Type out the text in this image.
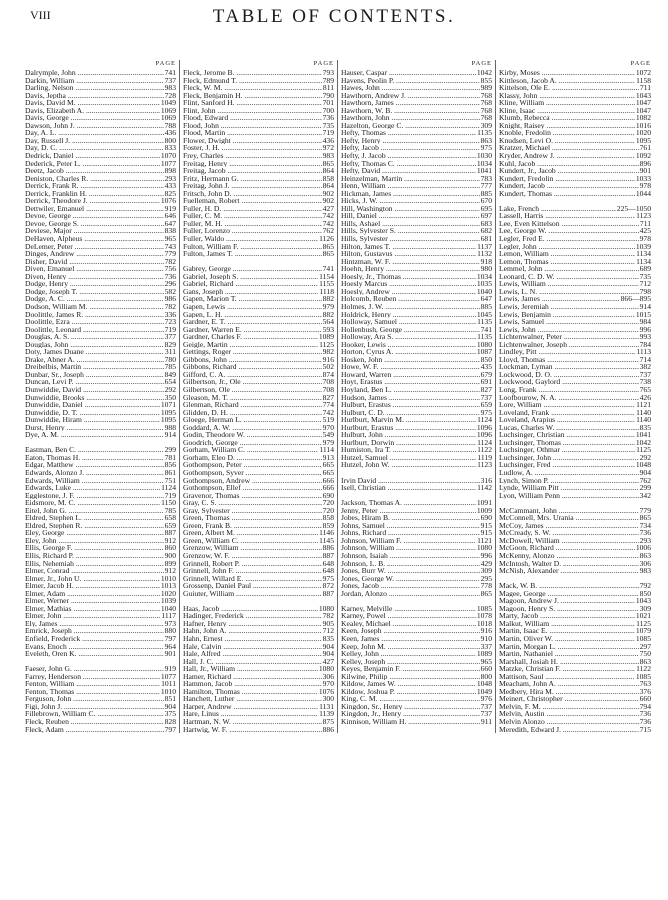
VIII	TABLE OF CONTENTS.
PAGE
Dalrymple, John .....	741
Darkin, William .....	737
Darling, Nelson .....	983
Davis, Jeptha .....	728
Davis, David M. .....	1049
Davis, Elizabeth A. .....	1069
Davis, George .....	1069
Dawson, John J. .....	788
Day, A. L. .....	436
Day, Russell J. .....	800
Day, D. C. .....	833
Dedrick, Daniel .....	1070
Dederick, Peter L. .....	1077
Deetz, Jacob .....	898
Deniston, Charles R. .....	293
Derrick, Frank R. .....	433
Derrick, Franklin H. .....	825
Derrick, Theodore J. .....	1076
Dettwiler, Emanuel .....	919
Devoe, George .....	646
Devoe, George S. .....	647
Deviese, Major .....	838
DeHaven, Alpheus .....	965
DeLemer, Peter .....	743
Dinges, Andrew .....	779
Disher, David .....	782
Diven, Emanuel .....	756
Diven, Henry .....	736
Dodge, Henry .....	296
Dodge, Joseph T. .....	582
Dodge, A. C. .....	986
Dodson, William M. .....	782
Doolittle, James R. .....	336
Doolittle, Ezra .....	723
Doolittle, Leonard .....	719
Douglas, A. S. .....	377
Douglas, John .....	829
Doty, James Duane .....	311
Drake, Abner A. .....	780
Dreibelbis, Martin .....	785
Dunbar, Sr., Joseph .....	849
Duncan, Levi P. .....	654
Dunwiddie, David .....	292
Dunwiddie, Brooks .....	350
Dunwiddie, Daniel .....	1071
Dunwiddie, D. T. .....	1095
Dunwiddie, Hiram .....	1095
Durst, Henry .....	988
Dye, A. M. .....	914
Eastman, Ben C. .....	299
Eaton, Thomas H. .....	781
Edgar, Matthew .....	856
Edwards, Alonzo J. .....	861
Edwards, William .....	751
Edwards, Luke .....	1124
Egglestone, J. F. .....	719
Eidsmore, M. C. .....	1150
Eitel, John G. .....	785
Eldred, Stephen L. .....	658
Eldred, Stephen R. .....	659
Eley, George .....	887
Eley, John .....	912
Ellis, George F. .....	860
Ellis, Richard P. .....	900
Ellis, Nehemiah .....	899
Elmer, Conrad .....	912
Elmer, Jr., John U. .....	1010
Elmer, Jacob H. .....	1013
Elmer, Adam .....	1020
Elmer, Werner .....	1039
Elmer, Mathias .....	1040
Elmer, John .....	1117
Ely, James .....	973
Emrick, Joseph .....	880
Enfield, Frederick .....	797
Evans, Enoch .....	964
Eveleth, Oren K. .....	901
Faeser, John G. .....	919
Farrey, Henderson .....	1077
Fenton, William .....	1011
Fenton, Thomas .....	1010
Ferguson, John .....	851
Figi, John J. .....	904
Fillebrown, William C. .....	375
Fleck, Reuben .....	828
Fleck, Adam .....	797
PAGE
Fleck, Jerome B. .....	793
Fleck, Edmund T. .....	789
Fleck, W. M. .....	811
Fleck, Benjamin H. .....	790
Flint, Sanford H. .....	701
Flint, John .....	700
Flood, Edward .....	736
Flood, John .....	735
Flood, Martin .....	719
Flower, Dwight .....	436
Foster, J. H. .....	972
Frey, Charles .....	983
Freitag, Henry .....	865
Freitag, Jacob .....	864
Fritz, Hermann G. .....	858
Freitag, John J. .....	864
Fritsch, John D. .....	902
Fuelleman, Robert .....	902
Fuller, H. D. .....	427
Fuller, C. M. .....	742
Fuller, M. H. .....	742
Fuller, Lorenzo .....	762
Fuller, Waldo .....	1126
Fulton, William F. .....	865
Fulton, James T. .....	865
Gabrey, George .....	741
Gabriel, Joseph S. .....	1154
Gabriel, Richard .....	1155
Gans, Joseph .....	1118
Gapen, Marion T. .....	882
Gapen, Lewis .....	979
Gapen, L. H. .....	882
Gardner, E. T. .....	564
Gardner, Warren E. .....	593
Gardner, Charles F. .....	1089
Geigle, Martin .....	1125
Gettings, Roger .....	982
Gibbons, John .....	916
Gibbons, Richard .....	502
Gifford, C. A. .....	874
Gilbertson, Jr., Ole .....	708
Gilbertson, Ole .....	708
Gleason, M. T. .....	827
Glenman, Richard .....	774
Glidden, D. H. .....	742
Gloege, Herman L. .....	519
Goddard, A. W. .....	970
Godin, Theodore W. .....	549
Goodrich, George .....	979
Gorham, William C. .....	1114
Gorham, Eleo D. .....	913
Gothompson, Peter .....	665
Gothompson, Syver .....	665
Gothompson, Andrew .....	666
Gothompson, Ellef .....	666
Gravenor, Thomas .....	690
Gray, C. S. .....	720
Gray, Sylvester .....	720
Green, Thomas .....	858
Green, Frank B. .....	859
Green, Albert M. .....	1146
Green, William C. .....	1145
Grenzow, William .....	886
Grenzow, W. F. .....	887
Grinnell, Robert P. .....	648
Grinnell, John F. .....	648
Grinnell, Willard E. .....	975
Grossenp, Daniel Paul .....	872
Guiuter, William .....	887
Haas, Jacob .....	1080
Hadinger, Frederick .....	782
Hafner, Henry .....	905
Hahn, John A. .....	712
Hahn, Ernest .....	835
Hale, Calvin .....	904
Hale, Alfred .....	904
Hall, J. C. .....	427
Hall, Jr., William .....	1080
Hamer, Richard .....	306
Hammon, Jacob .....	970
Hamilton, Thomas .....	1076
Hanchett, Luther .....	300
Harper, Andrew .....	1131
Hare, Linus .....	1139
Hartman, N. W. .....	875
Hartwig, W. F. .....	886
PAGE
Hauser, Caspar .....	1042
Havens, Peolin P. .....	855
Hawes, John .....	989
Hawthorn, Andrew J. .....	768
Hawthorn, James .....	768
Hawthorn, W. B. .....	768
Hawthorn, John .....	768
Hazelton, George C. .....	309
Hefty, Thomas .....	1135
Hefty, Henry .....	863
Hefty, Jacob .....	975
Hefty, J. Jacob .....	1030
Hefty, Thomas C. .....	1034
Hefty, David .....	1041
Heinzelman, Martin .....	783
Henn, William .....	777
Hickman, James .....	885
Hicks, J. W. .....	670
Hill, Washington .....	695
Hill, Daniel .....	697
Hills, Ashael .....	683
Hills, Sylvester S. .....	682
Hills, Sylvester .....	681
Hilton, James T. .....	1137
Hilton, Gustavus .....	1132
Hintzman, W. F. .....	918
Hoehn, Henry .....	980
Hoesly, Jr., Thomas .....	1034
Hoesly Marcus .....	1035
Hoesly, Andrew .....	1040
Holcomb, Reuben .....	647
Holmes, J. W. .....	885
Holdrick, Henry .....	1045
Holloway, Samuel .....	1135
Hollenbush, George .....	741
Holloway, Ara S. .....	1135
Hooker, Lewis .....	1080
Horton, Cyrus A. .....	1087
Hosken, John .....	850
Howe, W. F. .....	435
Howard, Warren .....	679
Hoyt, Erastus .....	691
Hoyland, Ben L. .....	827
Hudson, James .....	737
Hulburt, Erastus .....	659
Hulburt, C. D. .....	975
Hurlburt, Marvin M. .....	1124
Hurlburt, Erastus .....	1096
Hulburt, John .....	1096
Hurlburt, Dorwin .....	1124
Humiston, Ira T. .....	1122
Hutzel, Samuel .....	1119
Hutzel, John W. .....	1123
Irvin David .....	316
Isell, Christian .....	1142
Jackson, Thomas A. .....	1091
Jenny, Peter .....	1009
Jobes, Hiram B. .....	690
Johns, Samuel .....	915
Johns, Richard .....	915
Johnson, William F. .....	1121
Johnson, William .....	1080
Johnson, Isaiah .....	996
Johnson, L. B. .....	429
Jones, Burr W. .....	309
Jones, George W. .....	295
Jones, Jacob .....	778
Jordan, Alonzo .....	865
Karney, Melville .....	1085
Karney, Powel .....	1078
Kealey, Michael .....	1018
Keen, Joseph .....	916
Keen, James .....	910
Keep, John M. .....	337
Kelley, John .....	1089
Kelley, Joseph .....	965
Keyes, Benjamin F. .....	660
Kilwine, Philip .....	800
Kildow, James W. .....	1048
Kildow, Joshua P. .....	1049
King, C. M. .....	976
Kingdon, Sr., Henry .....	737
Kingdon, Jr., Henry .....	737
Kinnison, William H. .....	911
PAGE
Kirby, Moses .....	1072
Kittleson, Jacob A. .....	1158
Kittelson, Ole E. .....	711
Klassy, John .....	1043
Kline, William .....	1047
Kline, Isaac .....	1047
Klumb, Rebecca .....	1082
Knight, Raisey .....	1016
Knoble, Fredolin .....	1020
Knudsen, Levi O. .....	1095
Kratzer, Michael .....	761
Kryder, Andrew J. .....	1092
Kuhl, Jacob .....	896
Kundert, Jr., Jacob .....	901
Kundert, Fredolin .....	1033
Kundert, Jacob .....	978
Kundert, Thomas .....	1044
Lake, French .....	225—1050
Lassell, Harris .....	1123
Lee, Even Kittelson .....	711
Lee, George W. .....	425
Legler, Fred E. .....	978
Legler, John .....	1039
Lemon, William .....	1134
Lemon, Thomas .....	1134
Lemmel, John .....	689
Leonard, C. D. W. .....	735
Lewis, William .....	712
Lewis, L. N. .....	798
Lewis, James .....	866—895
Lewis, Jeremiah .....	914
Lewis, Benjamin .....	1015
Lewis, Samuel .....	984
Lewis, John .....	996
Lichtenwalner, Peter .....	993
Lichtenwalner, Joseph .....	784
Lindley, Pitt .....	1113
Lloyd, Thomas .....	714
Lockman, Lyman .....	382
Lockwood, D. O. .....	737
Lockwood, Gaylord .....	738
Long, Frank .....	765
Loofbourow, N. A. .....	426
Lore, William .....	1121
Loveland, Frank .....	1140
Loveland, Arapius .....	1140
Lucas, Charles W. .....	835
Luchsinger, Christian .....	1041
Luchsinger, Thomas .....	1042
Luchsinger, Othmar .....	1125
Luchsinger, John .....	292
Luchsinger, Fred .....	1048
Ludlow, A. .....	904
Lynch, Simon P. .....	762
Lynde, William Pitt .....	299
Lyon, William Penn .....	342
McCammant, John .....	779
McConnell, Mrs. Urania .....	865
McCoy, James .....	734
McCready, S. W. .....	736
McDowell, William .....	293
McGoon, Richard .....	1006
McKenny, Alonzo .....	863
McIntosh, Walter D. .....	306
McNish, Alexander .....	983
Mack, W. B. .....	792
Magee, George .....	850
Magoon, Andrew J. .....	1043
Magoon, Henry S. .....	309
Marty, Jacob .....	1021
Malkut, William .....	1125
Martin, Isaac E. .....	1079
Martin, Oliver W. .....	1085
Martin, Morgan L. .....	297
Martin, Nathaniel .....	750
Marshall, Josiah H. .....	863
Matzke, Christian F. .....	1122
Mattison, Saul .....	1085
Meacham, John A. .....	763
Medbery, Hira M. .....	376
Meinert, Christopher .....	660
Melvin, F. M. .....	794
Melvin, Austin .....	736
Melvin Alonzo .....	736
Meredith, Edward J. .....	715
